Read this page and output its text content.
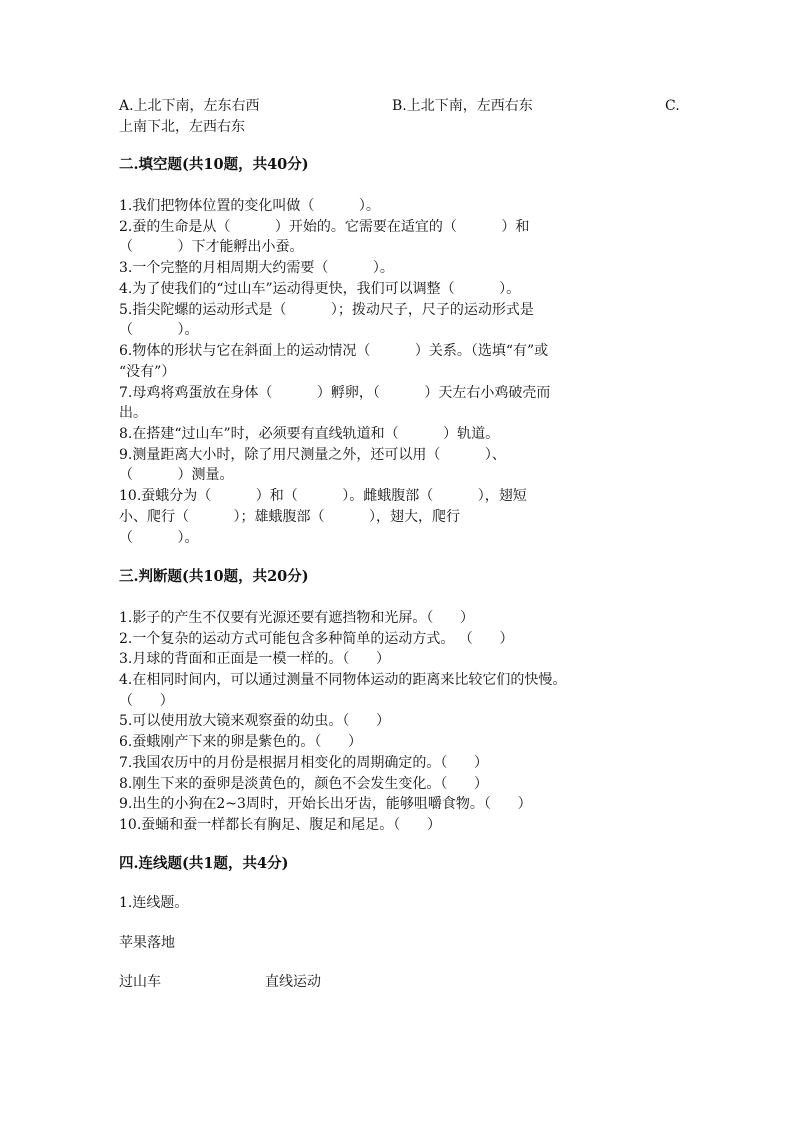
A.上北下南，左东右西	B.上北下南，左西右东	C.
上南下北，左西右东
二.填空题(共10题，共40分)
1.我们把物体位置的变化叫做（          ）。
2.蚕的生命是从（          ）开始的。它需要在适宜的（          ）和
（          ）下才能孵出小蚕。
3.一个完整的月相周期大约需要（          ）。
4.为了使我们的“过山车”运动得更快，我们可以调整（          ）。
5.指尖陀螺的运动形式是（          ）；拨动尺子，尺子的运动形式是
（          ）。
6.物体的形状与它在斜面上的运动情况（          ）关系。（选填“有”或
“没有”）
7.母鸡将鸡蛋放在身体（          ）孵卵，（          ）天左右小鸡破壳而
出。
8.在搭建“过山车”时，必须要有直线轨道和（          ）轨道。
9.测量距离大小时，除了用尺测量之外，还可以用（          ）、
（          ）测量。
10.蚕蛾分为（          ）和（          ）。雌蛾腹部（          ），翅短
小、爬行（          ）；雄蛾腹部（          ），翅大，爬行
（          ）。
三.判断题(共10题，共20分)
1.影子的产生不仅要有光源还要有遮挡物和光屏。（      ）
2.一个复杂的运动方式可能包含多种简单的运动方式。 （      ）
3.月球的背面和正面是一模一样的。（      ）
4.在相同时间内，可以通过测量不同物体运动的距离来比较它们的快慢。
（      ）
5.可以使用放大镜来观察蚕的幼虫。（      ）
6.蚕蛾刚产下来的卵是紫色的。（      ）
7.我国农历中的月份是根据月相变化的周期确定的。（      ）
8.刚生下来的蚕卵是淡黄色的，颜色不会发生变化。（      ）
9.出生的小狗在2~3周时，开始长出牙齿，能够咀嚼食物。（      ）
10.蚕蛹和蚕一样都长有胸足、腹足和尾足。（      ）
四.连线题(共1题，共4分)
1.连线题。
苹果落地
过山车	直线运动
